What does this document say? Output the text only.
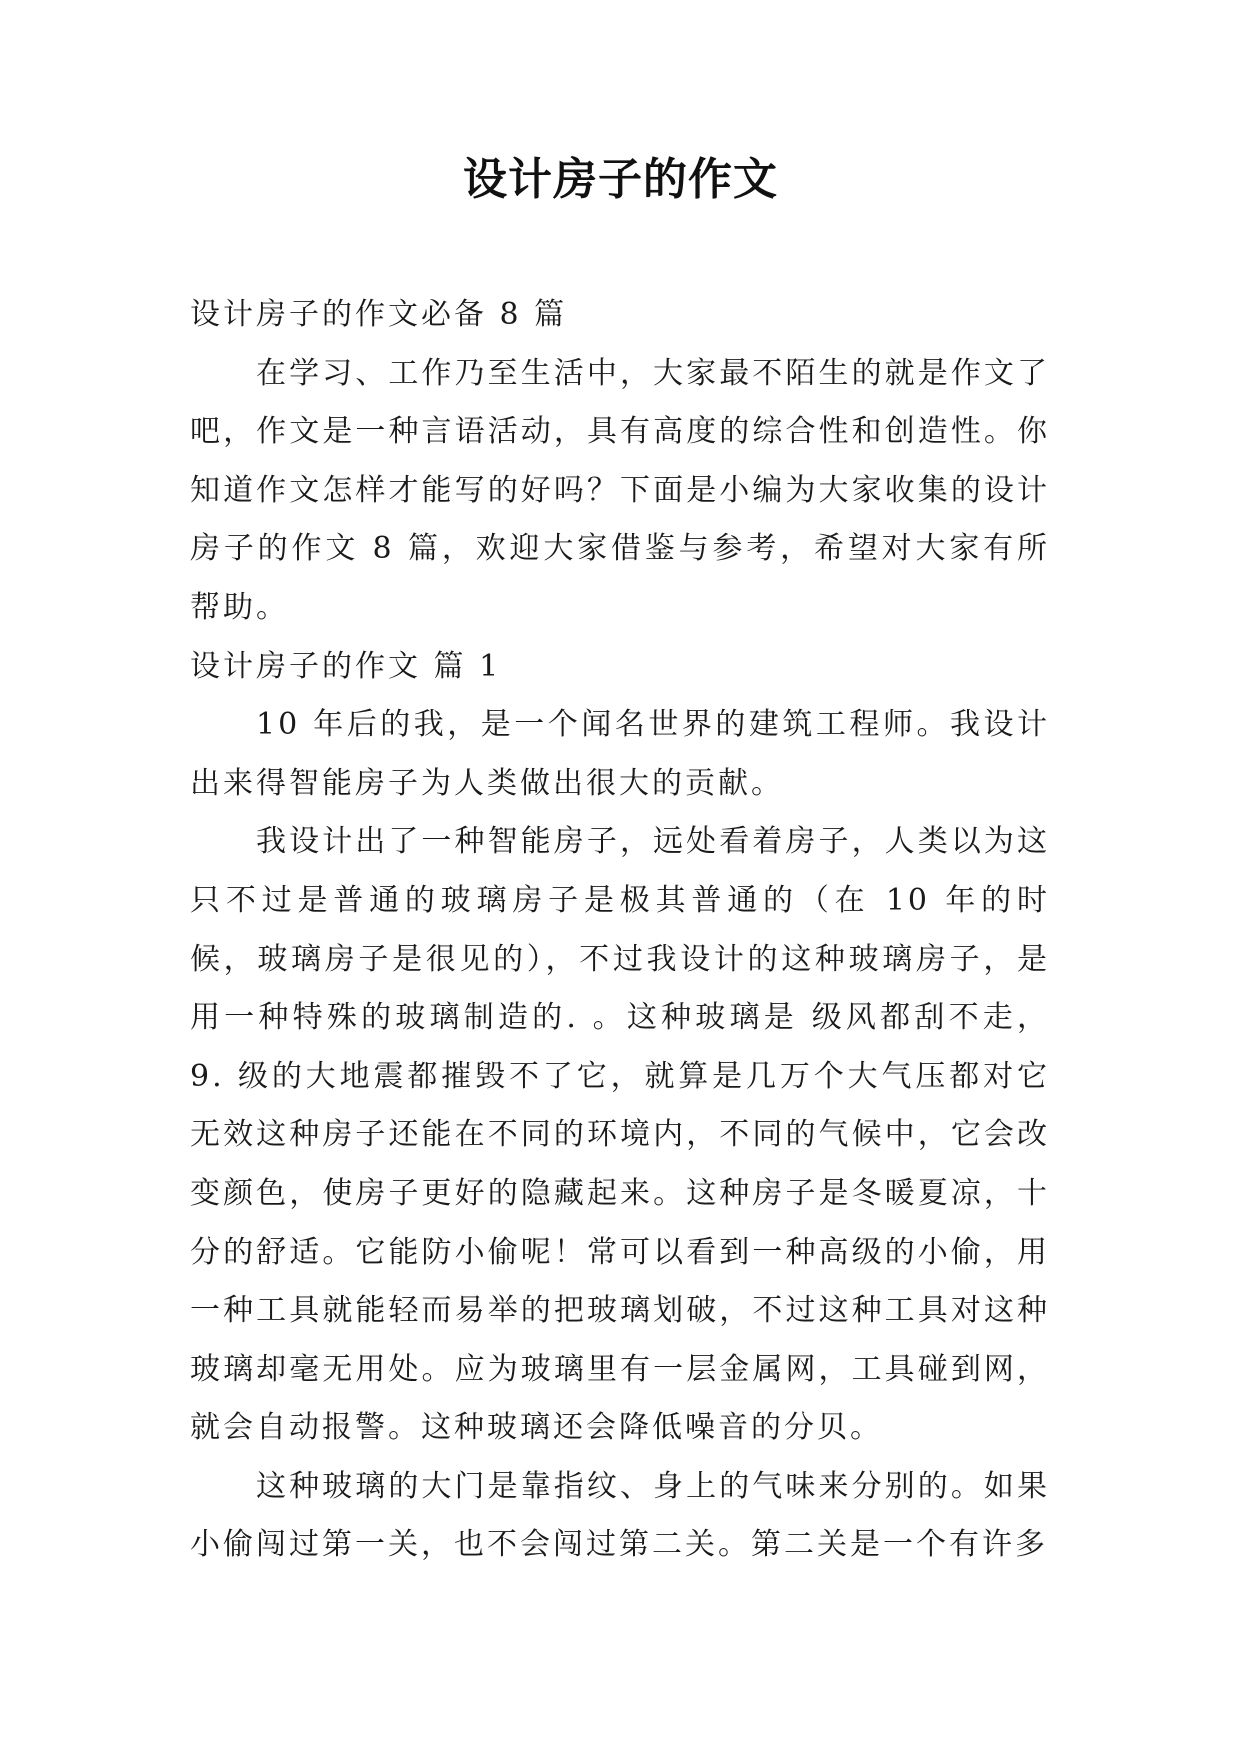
设计房子的作文

设计房子的作文必备 8 篇

在学习、工作乃至生活中，大家最不陌生的就是作文了吧，作文是一种言语活动，具有高度的综合性和创造性。你知道作文怎样才能写的好吗？下面是小编为大家收集的设计房子的作文 8 篇，欢迎大家借鉴与参考，希望对大家有所帮助。

设计房子的作文 篇 1

10 年后的我，是一个闻名世界的建筑工程师。我设计出来得智能房子为人类做出很大的贡献。

我设计出了一种智能房子，远处看着房子，人类以为这只不过是普通的玻璃房子是极其普通的（在 10 年的时候，玻璃房子是很见的），不过我设计的这种玻璃房子，是用一种特殊的玻璃制造的. 。这种玻璃是 级风都刮不走，9. 级的大地震都摧毁不了它，就算是几万个大气压都对它无效这种房子还能在不同的环境内，不同的气候中，它会改变颜色，使房子更好的隐藏起来。这种房子是冬暖夏凉，十分的舒适。它能防小偷呢！常可以看到一种高级的小偷，用一种工具就能轻而易举的把玻璃划破，不过这种工具对这种玻璃却毫无用处。应为玻璃里有一层金属网，工具碰到网，就会自动报警。这种玻璃还会降低噪音的分贝。

这种玻璃的大门是靠指纹、身上的气味来分别的。如果小偷闯过第一关，也不会闯过第二关。第二关是一个有许多
